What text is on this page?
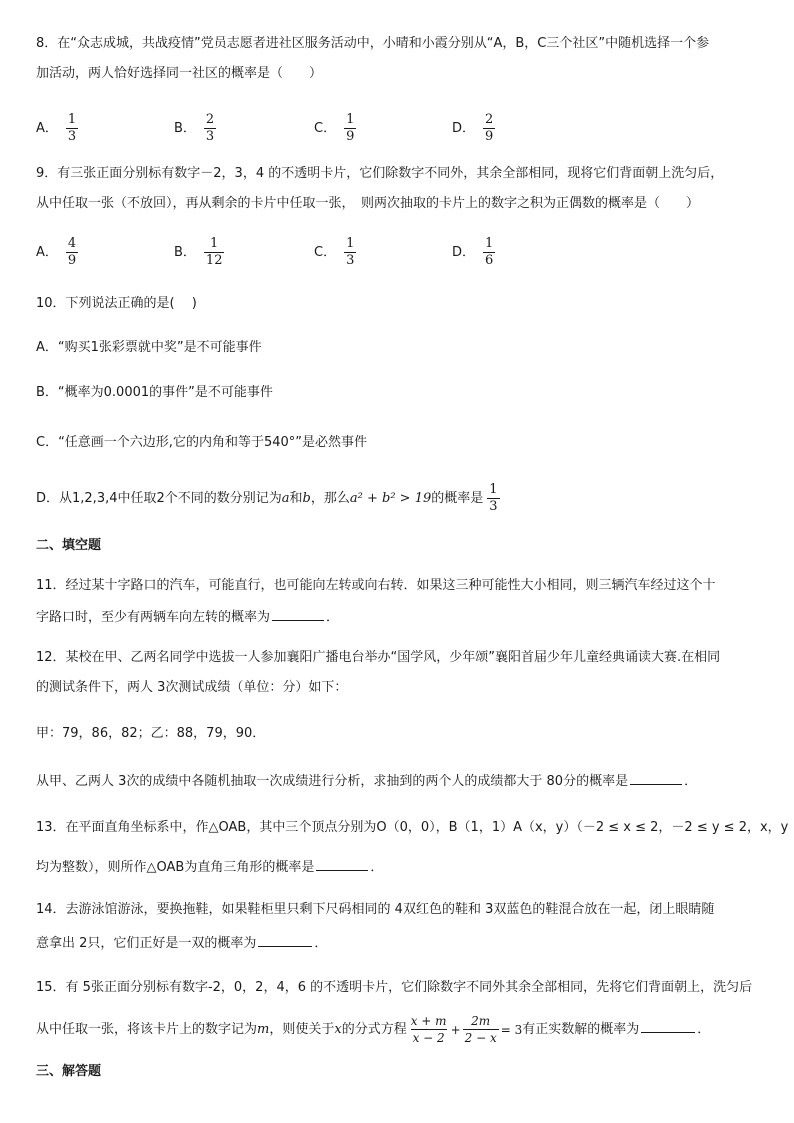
8．在“众志成城，共战疫情”党员志愿者进社区服务活动中，小晴和小霞分别从“A，B，C三个社区”中随机选择一个参
加活动，两人恰好选择同一社区的概率是（　　）
A． $\frac{1}{3}$	B． $\frac{2}{3}$	C． $\frac{1}{9}$	D． $\frac{2}{9}$
9．有三张正面分别标有数字－2，3，4 的不透明卡片，它们除数字不同外，其余全部相同，现将它们背面朝上洗匀后，
从中任取一张（不放回），再从剩余的卡片中任取一张，　则两次抽取的卡片上的数字之积为正偶数的概率是（　　）
A． $\frac{4}{9}$	B． $\frac{1}{12}$	C． $\frac{1}{3}$	D． $\frac{1}{6}$
10．下列说法正确的是(　 )
A．“购买1张彩票就中奖”是不可能事件
B．“概率为0.0001的事件”是不可能事件
C．“任意画一个六边形,它的内角和等于540°”是必然事件
D．从1,2,3,4中任取2个不同的数分别记为a和b，那么a² + b² > 19的概率是 $\frac{1}{3}$
二、填空题
11．经过某十字路口的汽车，可能直行，也可能向左转或向右转．如果这三种可能性大小相同，则三辆汽车经过这个十
字路口时，至少有两辆车向左转的概率为	．
12．某校在甲、乙两名同学中选拔一人参加襄阳广播电台举办“国学风，少年颂”襄阳首届少年儿童经典诵读大赛.在相同
的测试条件下，两人 3次测试成绩（单位：分）如下：
甲：79，86，82；乙：88，79，90．
从甲、乙两人 3次的成绩中各随机抽取一次成绩进行分析，求抽到的两个人的成绩都大于 80分的概率是	．
13．在平面直角坐标系中，作△OAB，其中三个顶点分别为O（0，0），B（1，1）A（x，y）（－2 ≤ x ≤ 2，－2 ≤ y ≤ 2，x，y
均为整数），则所作△OAB为直角三角形的概率是	．
14．去游泳馆游泳，要换拖鞋，如果鞋柜里只剩下尺码相同的 4双红色的鞋和 3双蓝色的鞋混合放在一起，闭上眼睛随
意拿出 2只，它们正好是一双的概率为	．
15．有 5张正面分别标有数字-2，0，2，4，6 的不透明卡片，它们除数字不同外其余全部相同，先将它们背面朝上，洗匀后
从中任取一张，将该卡片上的数字记为m，则使关于x的分式方程 $\frac{x + m}{x - 2} + \frac{2m}{2 - x} = 3$ 有正实数解的概率为	．
三、解答题
